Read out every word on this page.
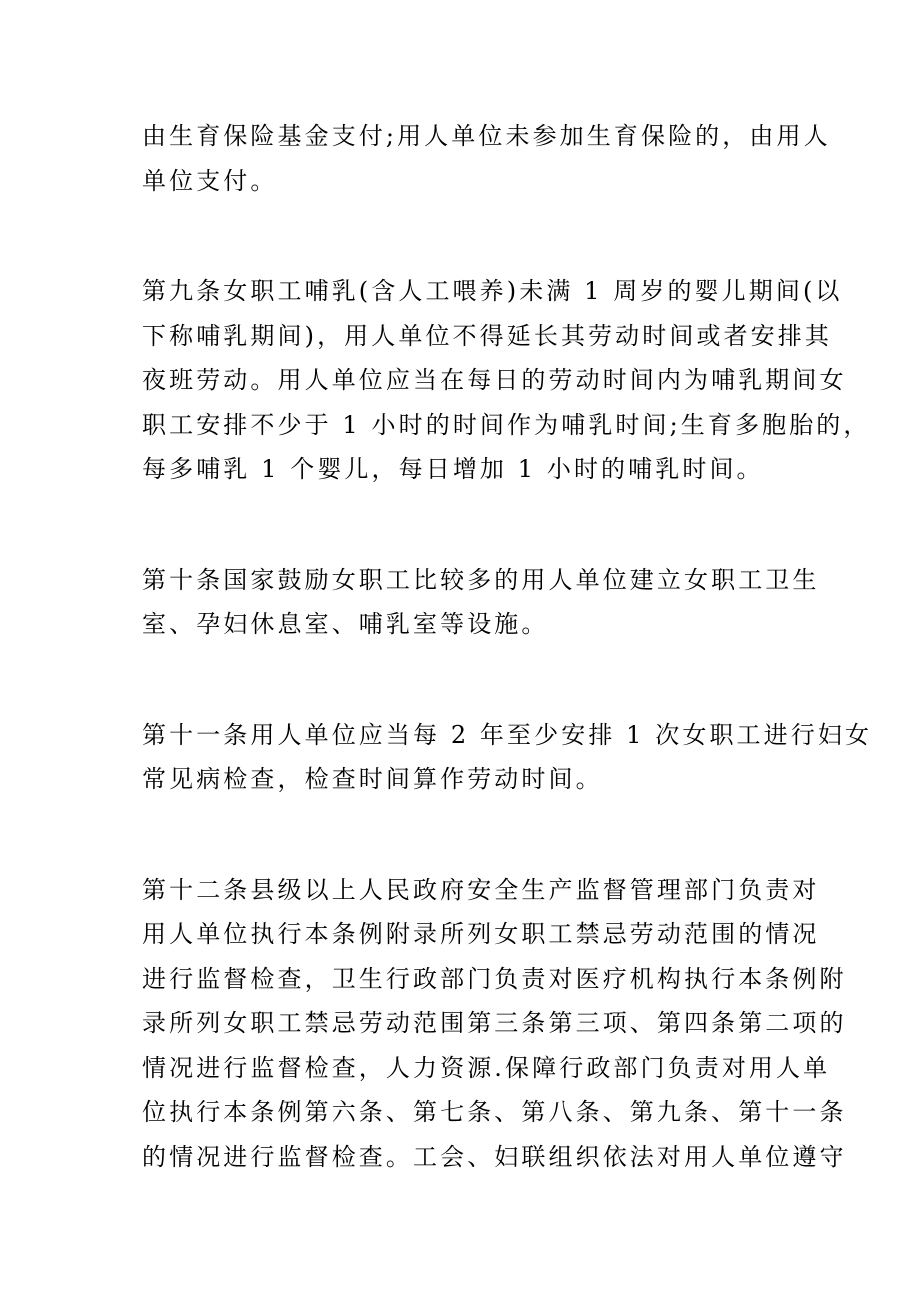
由生育保险基金支付;用人单位未参加生育保险的，由用人
单位支付。

第九条女职工哺乳(含人工喂养)未满 1 周岁的婴儿期间(以
下称哺乳期间)，用人单位不得延长其劳动时间或者安排其
夜班劳动。用人单位应当在每日的劳动时间内为哺乳期间女
职工安排不少于 1 小时的时间作为哺乳时间;生育多胞胎的，
每多哺乳 1 个婴儿，每日增加 1 小时的哺乳时间。

第十条国家鼓励女职工比较多的用人单位建立女职工卫生
室、孕妇休息室、哺乳室等设施。

第十一条用人单位应当每 2 年至少安排 1 次女职工进行妇女
常见病检查，检查时间算作劳动时间。

第十二条县级以上人民政府安全生产监督管理部门负责对
用人单位执行本条例附录所列女职工禁忌劳动范围的情况
进行监督检查，卫生行政部门负责对医疗机构执行本条例附
录所列女职工禁忌劳动范围第三条第三项、第四条第二项的
情况进行监督检查，人力资源.保障行政部门负责对用人单
位执行本条例第六条、第七条、第八条、第九条、第十一条
的情况进行监督检查。工会、妇联组织依法对用人单位遵守
